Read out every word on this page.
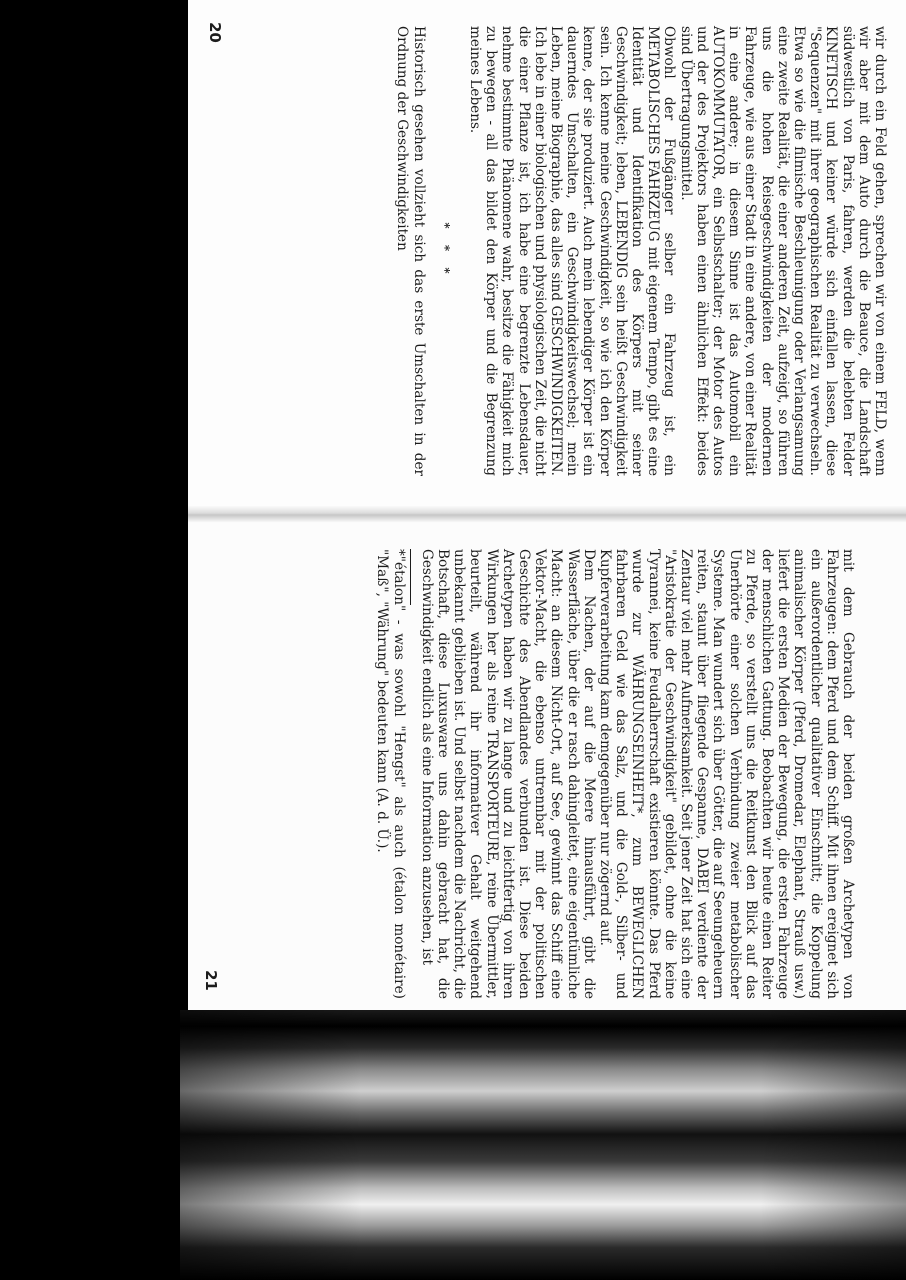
wir durch ein Feld gehen, sprechen wir von einem FELD, wenn wir aber mit dem Auto durch die Beauce, die Landschaft südwestlich von Paris, fahren, werden die belebten Felder KINETISCH und keiner würde sich einfallen lassen, diese "Sequenzen" mit ihrer geographischen Realität zu verwechseln. Etwa so wie die filmische Beschleunigung oder Verlangsamung eine zweite Realität, die einer anderen Zeit, aufzeigt, so führen uns die hohen Reisegeschwindigkeiten der modernen Fahrzeuge, wie aus einer Stadt in eine andere, von einer Realität in eine andere; in diesem Sinne ist das Automobil ein AUTOKOMMUTATOR, ein Selbstschalter; der Motor des Autos und der des Projektors haben einen ähnlichen Effekt: beides sind Übertragungsmittel.

Obwohl der Fußgänger selber ein Fahrzeug ist, ein METABOLISCHES FAHRZEUG mit eigenem Tempo, gibt es eine Identität und Identifikation des Körpers mit seiner Geschwindigkeit; leben, LEBENDIG sein heißt Geschwindigkeit sein. Ich kenne meine Geschwindigkeit, so wie ich den Körper kenne, der sie produziert. Auch mein lebendiger Körper ist ein dauerndes Umschalten, ein Geschwindigkeitswechsel; mein Leben, meine Biographie, das alles sind GESCHWINDIGKEITEN. Ich lebe in einer biologischen und physiologischen Zeit, die nicht die einer Pflanze ist, ich habe eine begrenzte Lebensdauer, nehme bestimmte Phänomene wahr, besitze die Fähigkeit mich zu bewegen - all das bildet den Körper und die Begrenzung meines Lebens.

* * *

Historisch gesehen vollzieht sich das erste Umschalten in der Ordnung der Geschwindigkeiten

20

mit dem Gebrauch der beiden großen Archetypen von Fahrzeugen: dem Pferd und dem Schiff. Mit ihnen ereignet sich ein außerordentlicher qualitativer Einschnitt; die Koppelung animalischer Körper (Pferd, Dromedar, Elephant, Strauß usw.) liefert die ersten Medien der Bewegung, die ersten Fahrzeuge der menschlichen Gattung. Beobachten wir heute einen Reiter zu Pferde, so verstellt uns die Reitkunst den Blick auf das Unerhörte einer solchen Verbindung zweier metabolischer Systeme. Man wundert sich über Götter, die auf Seeungeheuern reiten, staunt über fliegende Gespanne, DABEI verdiente der Zentaur viel mehr Aufmerksamkeit. Seit jener Zeit hat sich eine "Aristokratie der Geschwindigkeit" gebildet, ohne die keine Tyrannei, keine Feudalherrschaft existieren könnte. Das Pferd wurde zur WÄHRUNGSEINHEIT*, zum BEWEGLICHEN fahrbaren Geld wie das Salz, und die Gold-, Silber- und Kupferverarbeitung kam demgegenüber nur zögernd auf.

Dem Nachen, der auf die Meere hinausführt, gibt die Wasserfläche, über die er rasch dahingleitet, eine eigentümliche Macht: an diesem Nicht-Ort, auf See, gewinnt das Schiff eine Vektor-Macht, die ebenso untrennbar mit der politischen Geschichte des Abendlandes verbunden ist. Diese beiden Archetypen haben wir zu lange und zu leichtfertig von ihren Wirkungen her als reine TRANSPORTEURE, reine Übermittler, beurteilt, während ihr informativer Gehalt weitgehend unbekannt geblieben ist. Und selbst nachdem die Nachricht, die Botschaft, diese Luxusware uns dahin gebracht hat, die Geschwindigkeit endlich als eine Information anzusehen, ist

*"étalon" - was sowohl "Hengst" als auch (étalon monétaire) "Maß", "Währung" bedeuten kann (A. d. Ü.).

21
